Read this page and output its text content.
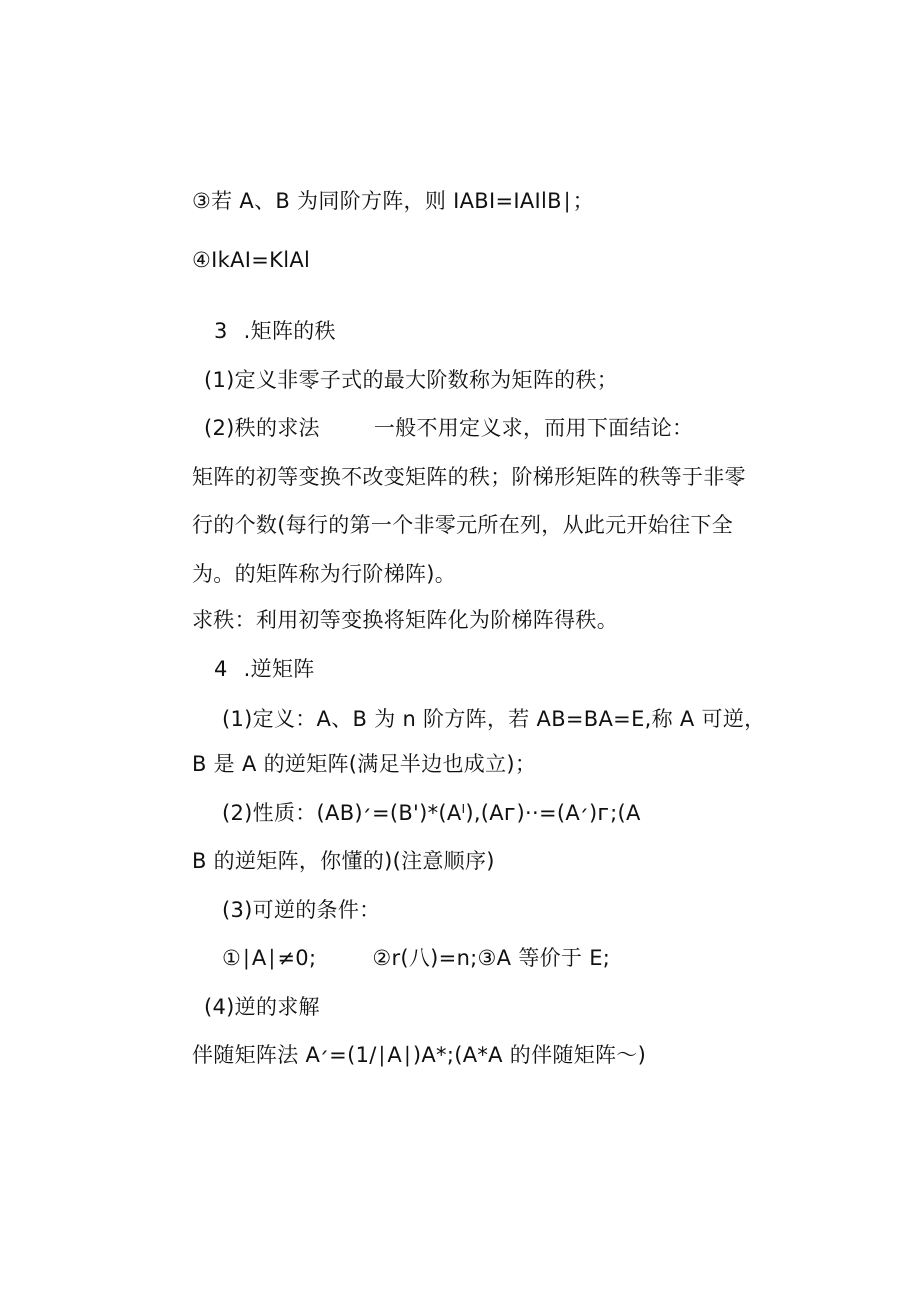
③若 A、B 为同阶方阵，则 IABI=IAIlB∣；
④IkAI=KlAl
3 .矩阵的秩
(1)定义非零子式的最大阶数称为矩阵的秩；
(2)秩的求法	一般不用定义求，而用下面结论：
矩阵的初等变换不改变矩阵的秩；阶梯形矩阵的秩等于非零
行的个数(每行的第一个非零元所在列，从此元开始往下全
为。的矩阵称为行阶梯阵)。
求秩：利用初等变换将矩阵化为阶梯阵得秩。
4 .逆矩阵
(1)定义：A、B 为 n 阶方阵，若 AB=BA=E,称 A 可逆，
B 是 A 的逆矩阵(满足半边也成立)；
(2)性质：(AB)׳=(B')*(Aˡ),(Aᴦ)··=(A׳)ᴦ;(A
B 的逆矩阵，你懂的)(注意顺序)
(3)可逆的条件：
①∣A∣≠0;	②r(八)=n;③A 等价于 E;
(4)逆的求解
伴随矩阵法 A׳=(1/∣A∣)A*;(A*A 的伴随矩阵～)
